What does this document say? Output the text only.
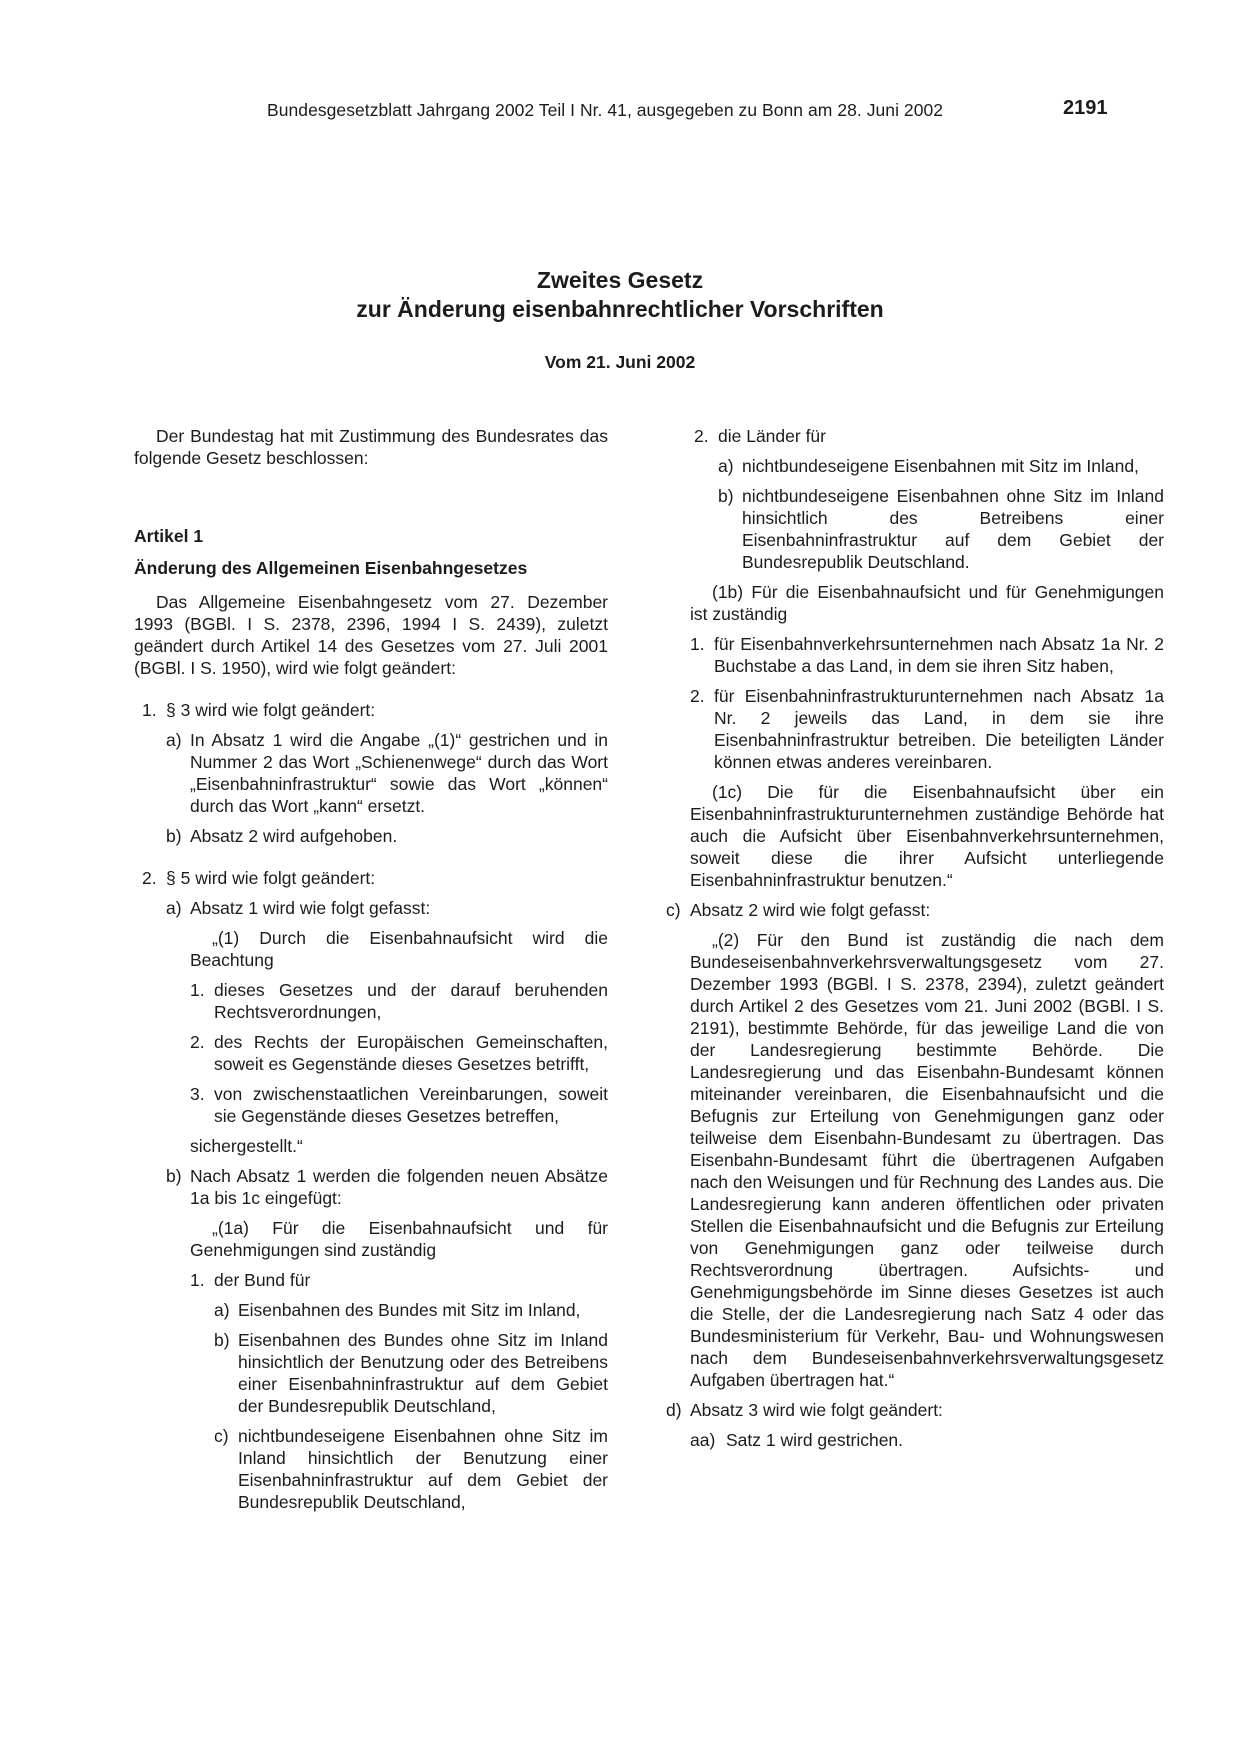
Bundesgesetzblatt Jahrgang 2002 Teil I Nr. 41, ausgegeben zu Bonn am 28. Juni 2002	2191
Zweites Gesetz
zur Änderung eisenbahnrechtlicher Vorschriften
Vom 21. Juni 2002

Der Bundestag hat mit Zustimmung des Bundesrates das folgende Gesetz beschlossen:

Artikel 1

Änderung des Allgemeinen Eisenbahngesetzes

Das Allgemeine Eisenbahngesetz vom 27. Dezember 1993 (BGBl. I S. 2378, 2396, 1994 I S. 2439), zuletzt geändert durch Artikel 14 des Gesetzes vom 27. Juli 2001 (BGBl. I S. 1950), wird wie folgt geändert:

1. § 3 wird wie folgt geändert:
a) In Absatz 1 wird die Angabe „(1)“ gestrichen und in Nummer 2 das Wort „Schienenwege“ durch das Wort „Eisenbahninfrastruktur“ sowie das Wort „können“ durch das Wort „kann“ ersetzt.
b) Absatz 2 wird aufgehoben.
2. § 5 wird wie folgt geändert:
a) Absatz 1 wird wie folgt gefasst:

„(1) Durch die Eisenbahnaufsicht wird die Beachtung

1. dieses Gesetzes und der darauf beruhenden Rechtsverordnungen,
2. des Rechts der Europäischen Gemeinschaften, soweit es Gegenstände dieses Gesetzes betrifft,
3. von zwischenstaatlichen Vereinbarungen, soweit sie Gegenstände dieses Gesetzes betreffen,

sichergestellt.“

b) Nach Absatz 1 werden die folgenden neuen Absätze 1a bis 1c eingefügt:

„(1a) Für die Eisenbahnaufsicht und für Genehmigungen sind zuständig

1. der Bund für
a) Eisenbahnen des Bundes mit Sitz im Inland,
b) Eisenbahnen des Bundes ohne Sitz im Inland hinsichtlich der Benutzung oder des Betreibens einer Eisenbahninfrastruktur auf dem Gebiet der Bundesrepublik Deutschland,
c) nichtbundeseigene Eisenbahnen ohne Sitz im Inland hinsichtlich der Benutzung einer Eisenbahninfrastruktur auf dem Gebiet der Bundesrepublik Deutschland,
2. die Länder für
a) nichtbundeseigene Eisenbahnen mit Sitz im Inland,
b) nichtbundeseigene Eisenbahnen ohne Sitz im Inland hinsichtlich des Betreibens einer Eisenbahninfrastruktur auf dem Gebiet der Bundesrepublik Deutschland.

(1b) Für die Eisenbahnaufsicht und für Genehmigungen ist zuständig

1. für Eisenbahnverkehrsunternehmen nach Absatz 1a Nr. 2 Buchstabe a das Land, in dem sie ihren Sitz haben,
2. für Eisenbahninfrastrukturunternehmen nach Absatz 1a Nr. 2 jeweils das Land, in dem sie ihre Eisenbahninfrastruktur betreiben. Die beteiligten Länder können etwas anderes vereinbaren.

(1c) Die für die Eisenbahnaufsicht über ein Eisenbahninfrastrukturunternehmen zuständige Behörde hat auch die Aufsicht über Eisenbahnverkehrsunternehmen, soweit diese die ihrer Aufsicht unterliegende Eisenbahninfrastruktur benutzen.“

c) Absatz 2 wird wie folgt gefasst:

„(2) Für den Bund ist zuständig die nach dem Bundeseisenbahnverkehrsverwaltungsgesetz vom 27. Dezember 1993 (BGBl. I S. 2378, 2394), zuletzt geändert durch Artikel 2 des Gesetzes vom 21. Juni 2002 (BGBl. I S. 2191), bestimmte Behörde, für das jeweilige Land die von der Landesregierung bestimmte Behörde. Die Landesregierung und das Eisenbahn-Bundesamt können miteinander vereinbaren, die Eisenbahnaufsicht und die Befugnis zur Erteilung von Genehmigungen ganz oder teilweise dem Eisenbahn-Bundesamt zu übertragen. Das Eisenbahn-Bundesamt führt die übertragenen Aufgaben nach den Weisungen und für Rechnung des Landes aus. Die Landesregierung kann anderen öffentlichen oder privaten Stellen die Eisenbahnaufsicht und die Befugnis zur Erteilung von Genehmigungen ganz oder teilweise durch Rechtsverordnung übertragen. Aufsichts- und Genehmigungsbehörde im Sinne dieses Gesetzes ist auch die Stelle, der die Landesregierung nach Satz 4 oder das Bundesministerium für Verkehr, Bau- und Wohnungswesen nach dem Bundeseisenbahnverkehrsverwaltungsgesetz Aufgaben übertragen hat.“

d) Absatz 3 wird wie folgt geändert:
aa) Satz 1 wird gestrichen.
